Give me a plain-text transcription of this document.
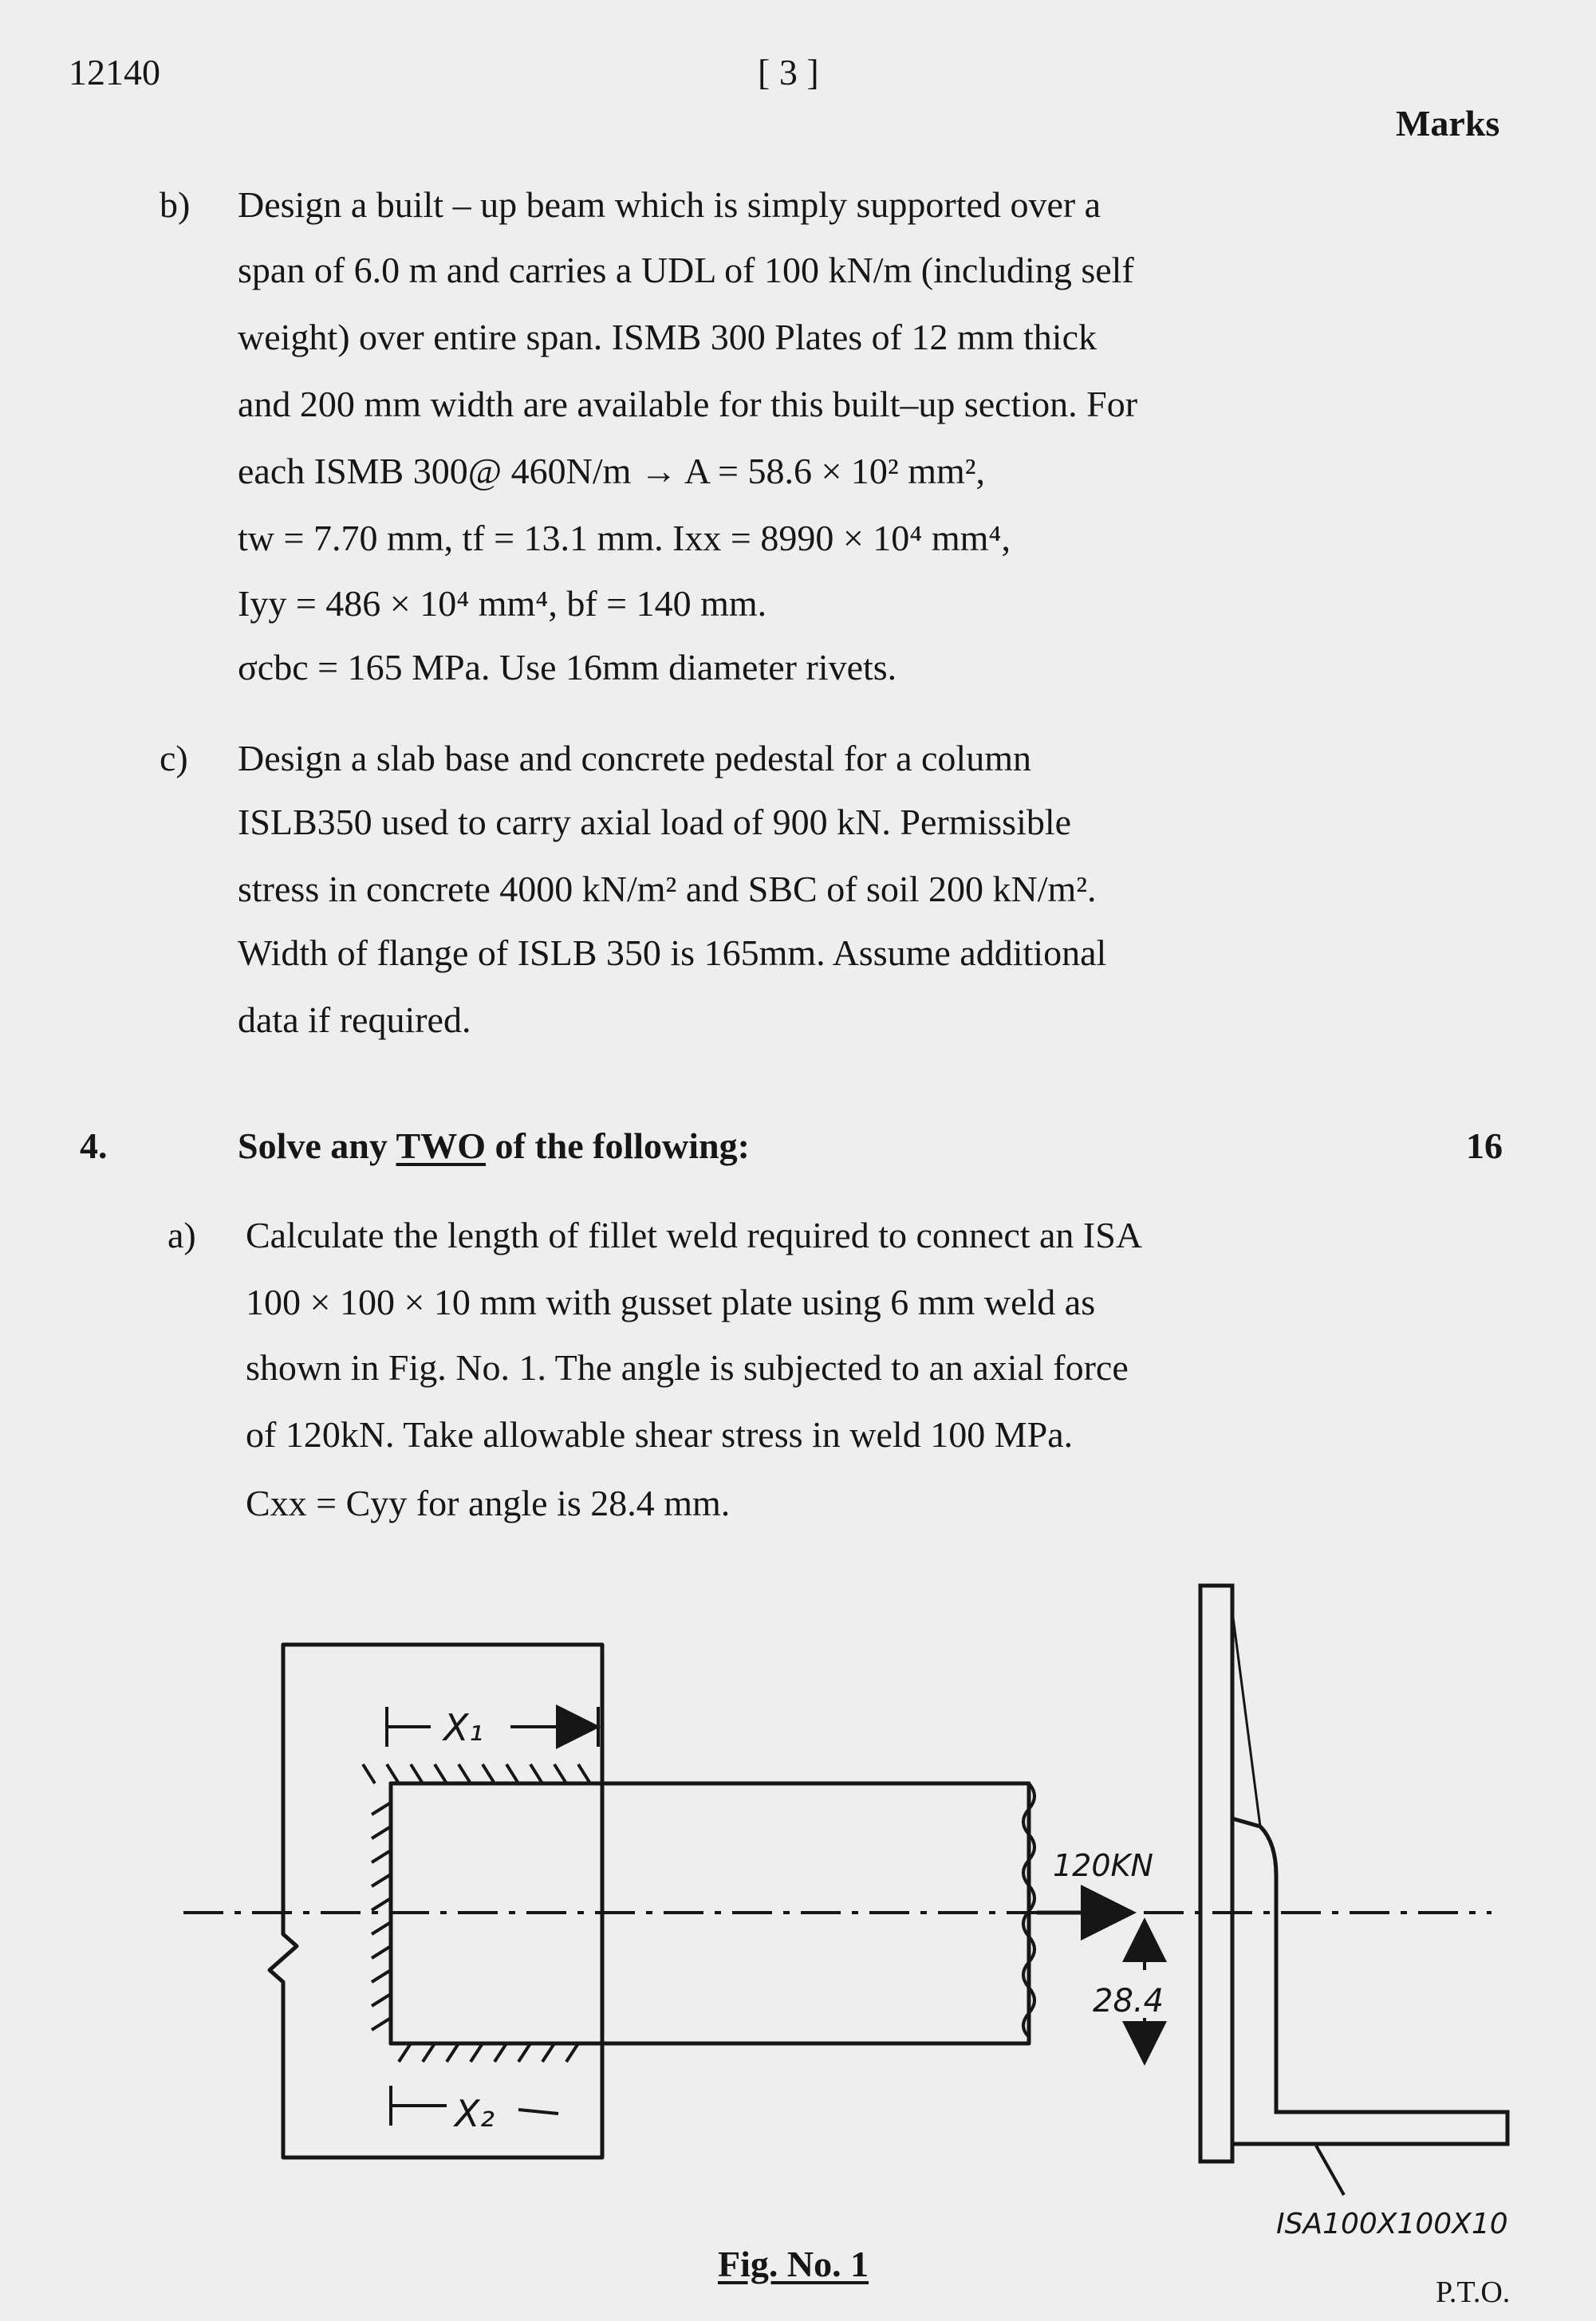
12140	[ 3 ]
Marks
b) Design a built – up beam which is simply supported over a
span of 6.0 m and carries a UDL of 100 kN/m (including self
weight) over entire span. ISMB 300 Plates of 12 mm thick
and 200 mm width are available for this built–up section. For
each ISMB 300@ 460N/m → A = 58.6 × 10² mm²,
tw = 7.70 mm, tf = 13.1 mm. Ixx = 8990 × 10⁴ mm⁴,
Iyy = 486 × 10⁴ mm⁴, bf = 140 mm.
σcbc = 165 MPa. Use 16mm diameter rivets.
c) Design a slab base and concrete pedestal for a column
ISLB350 used to carry axial load of 900 kN. Permissible
stress in concrete 4000 kN/m² and SBC of soil 200 kN/m².
Width of flange of ISLB 350 is 165mm. Assume additional
data if required.
4.	Solve any TWO of the following:	16
a) Calculate the length of fillet weld required to connect an ISA
100 × 100 × 10 mm with gusset plate using 6 mm weld as
shown in Fig. No. 1. The angle is subjected to an axial force
of 120kN. Take allowable shear stress in weld 100 MPa.
Cxx = Cyy for angle is 28.4 mm.
X₁
X₂
120KN
28.4
ISA100X100X10
Fig. No. 1
P.T.O.
